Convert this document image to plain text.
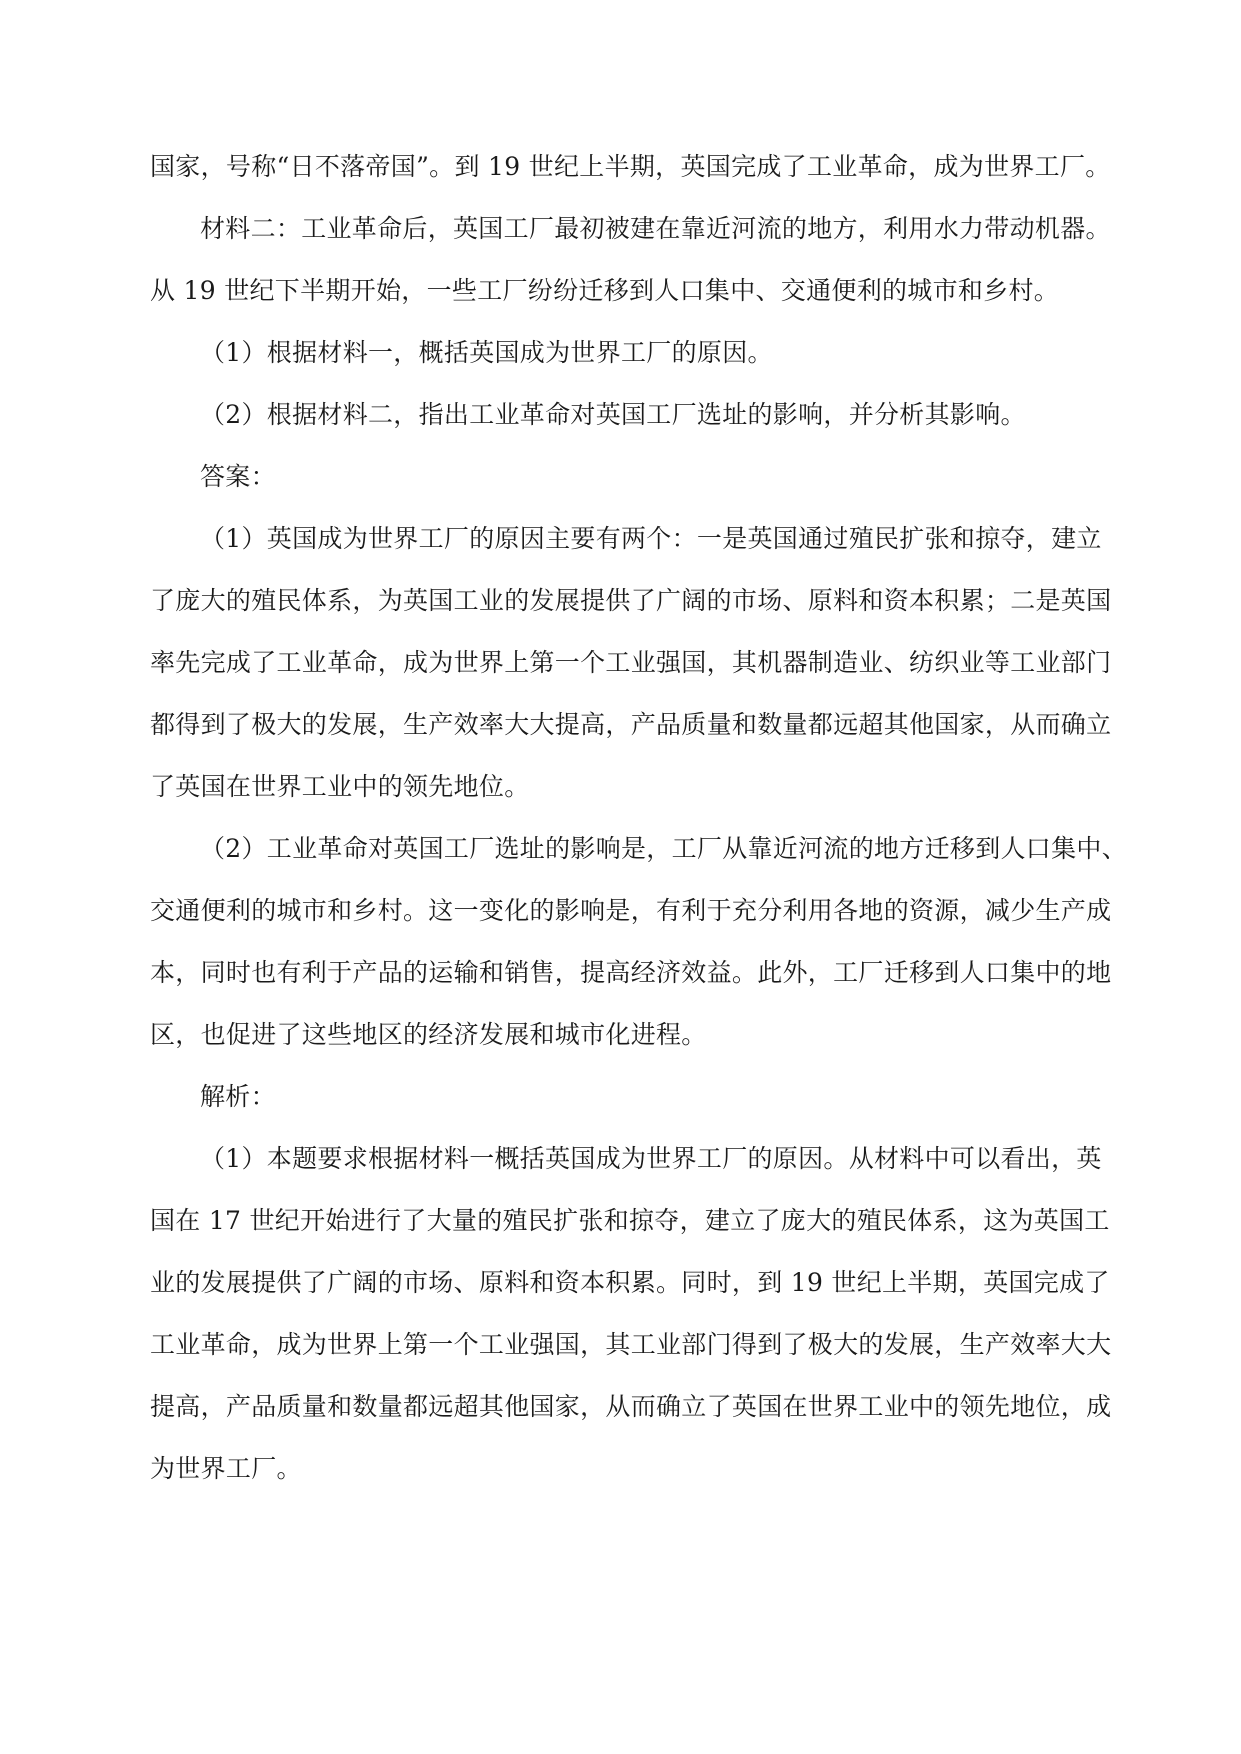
国家，号称“日不落帝国”。到 19 世纪上半期，英国完成了工业革命，成为世界工厂。
材料二：工业革命后，英国工厂最初被建在靠近河流的地方，利用水力带动机器。
从 19 世纪下半期开始，一些工厂纷纷迁移到人口集中、交通便利的城市和乡村。
（1）根据材料一，概括英国成为世界工厂的原因。
（2）根据材料二，指出工业革命对英国工厂选址的影响，并分析其影响。
答案：
（1）英国成为世界工厂的原因主要有两个：一是英国通过殖民扩张和掠夺，建立
了庞大的殖民体系，为英国工业的发展提供了广阔的市场、原料和资本积累；二是英国
率先完成了工业革命，成为世界上第一个工业强国，其机器制造业、纺织业等工业部门
都得到了极大的发展，生产效率大大提高，产品质量和数量都远超其他国家，从而确立
了英国在世界工业中的领先地位。
（2）工业革命对英国工厂选址的影响是，工厂从靠近河流的地方迁移到人口集中、
交通便利的城市和乡村。这一变化的影响是，有利于充分利用各地的资源，减少生产成
本，同时也有利于产品的运输和销售，提高经济效益。此外，工厂迁移到人口集中的地
区，也促进了这些地区的经济发展和城市化进程。
解析：
（1）本题要求根据材料一概括英国成为世界工厂的原因。从材料中可以看出，英
国在 17 世纪开始进行了大量的殖民扩张和掠夺，建立了庞大的殖民体系，这为英国工
业的发展提供了广阔的市场、原料和资本积累。同时，到 19 世纪上半期，英国完成了
工业革命，成为世界上第一个工业强国，其工业部门得到了极大的发展，生产效率大大
提高，产品质量和数量都远超其他国家，从而确立了英国在世界工业中的领先地位，成
为世界工厂。
